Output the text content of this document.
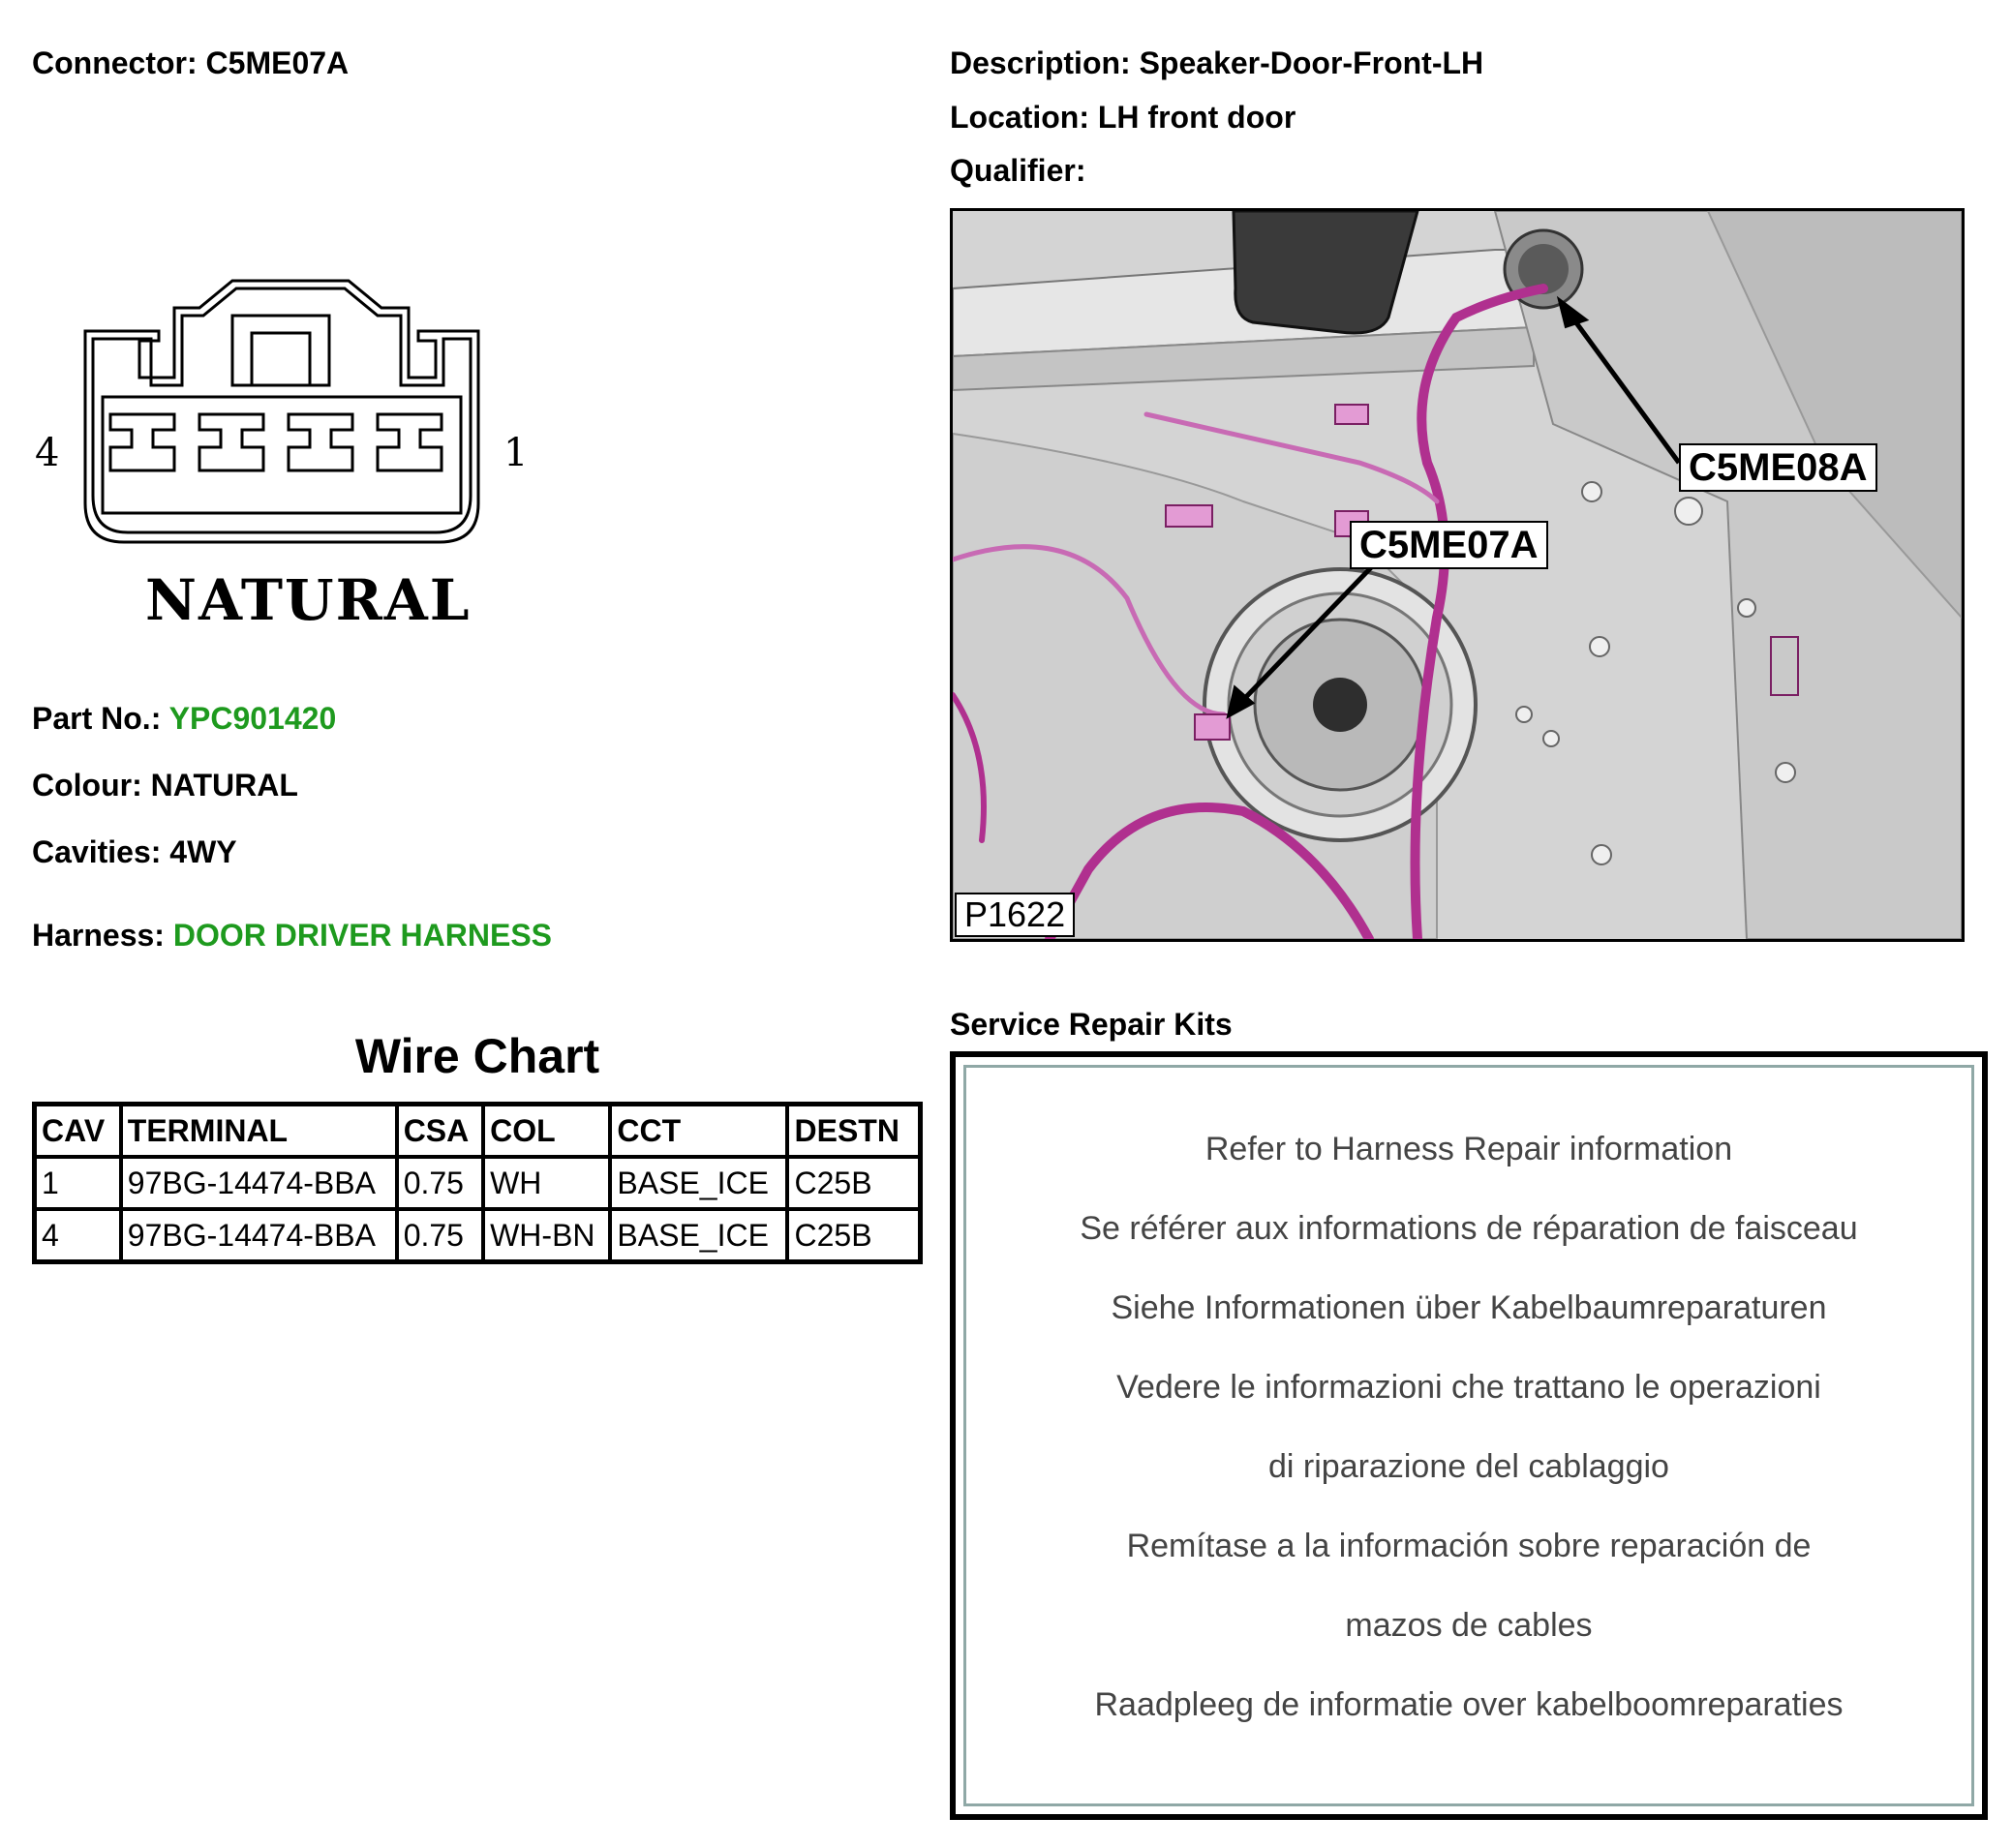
Connector: C5ME07A
4	1
NATURAL
Part No.: YPC901420
Colour: NATURAL
Cavities: 4WY
Harness: DOOR DRIVER HARNESS
Wire Chart
CAV	TERMINAL	CSA	COL	CCT	DESTN
1	97BG-14474-BBA	0.75	WH	BASE_ICE	C25B
4	97BG-14474-BBA	0.75	WH-BN	BASE_ICE	C25B
Description: Speaker-Door-Front-LH
Location: LH front door
Qualifier:
C5ME08A
C5ME07A
P1622
Service Repair Kits
Refer to Harness Repair information
Se référer aux informations de réparation de faisceau
Siehe Informationen über Kabelbaumreparaturen
Vedere le informazioni che trattano le operazioni
di riparazione del cablaggio
Remítase a la información sobre reparación de
mazos de cables
Raadpleeg de informatie over kabelboomreparaties
